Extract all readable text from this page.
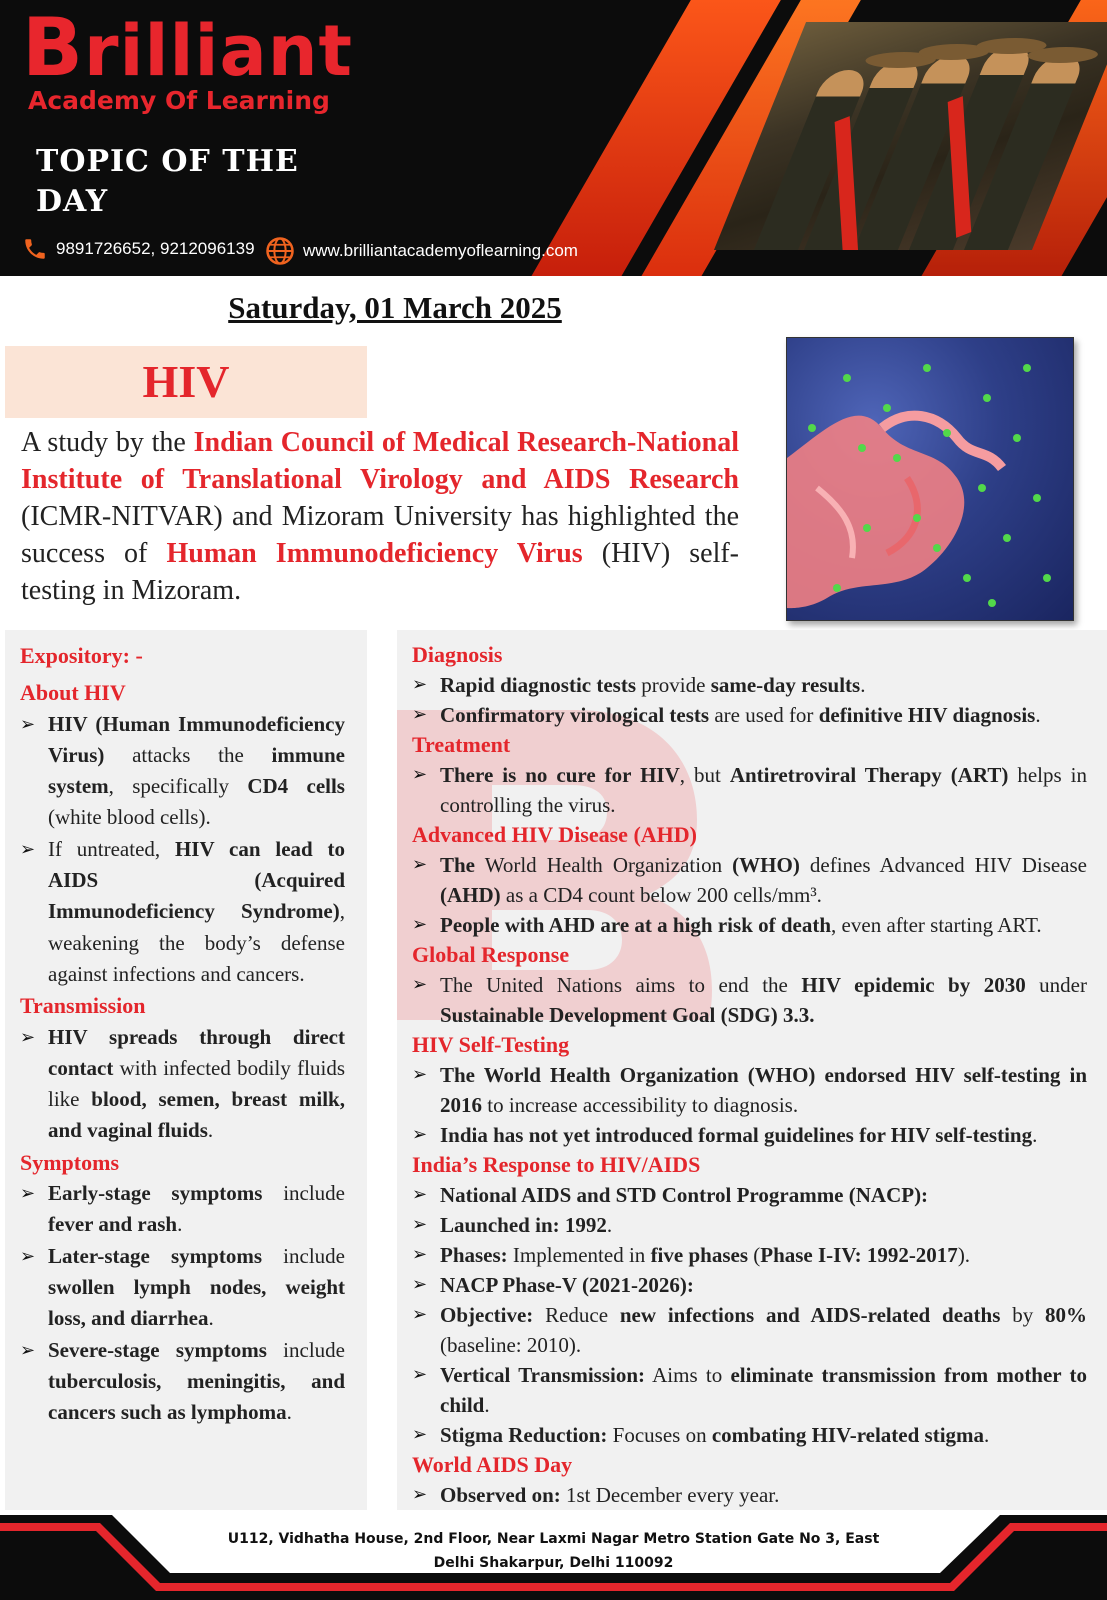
Brilliant
Academy Of Learning
TOPIC OF THE
DAY
9891726652, 9212096139	www.brilliantacademyoflearning.com
Saturday, 01 March 2025
HIV
A study by the Indian Council of Medical Research-National Institute of Translational Virology and AIDS Research (ICMR-NITVAR) and Mizoram University has highlighted the success of Human Immunodeficiency Virus (HIV) self-testing in Mizoram.
Expository: -
About HIV
➢ HIV (Human Immunodeficiency Virus) attacks the immune system, specifically CD4 cells (white blood cells).
➢ If untreated, HIV can lead to AIDS (Acquired Immunodeficiency Syndrome), weakening the body’s defense against infections and cancers.
Transmission
➢ HIV spreads through direct contact with infected bodily fluids like blood, semen, breast milk, and vaginal fluids.
Symptoms
➢ Early-stage symptoms include fever and rash.
➢ Later-stage symptoms include swollen lymph nodes, weight loss, and diarrhea.
➢ Severe-stage symptoms include tuberculosis, meningitis, and cancers such as lymphoma.
Diagnosis
➢ Rapid diagnostic tests provide same-day results.
➢ Confirmatory virological tests are used for definitive HIV diagnosis.
Treatment
➢ There is no cure for HIV, but Antiretroviral Therapy (ART) helps in controlling the virus.
Advanced HIV Disease (AHD)
➢ The World Health Organization (WHO) defines Advanced HIV Disease (AHD) as a CD4 count below 200 cells/mm³.
➢ People with AHD are at a high risk of death, even after starting ART.
Global Response
➢ The United Nations aims to end the HIV epidemic by 2030 under Sustainable Development Goal (SDG) 3.3.
HIV Self-Testing
➢ The World Health Organization (WHO) endorsed HIV self-testing in 2016 to increase accessibility to diagnosis.
➢ India has not yet introduced formal guidelines for HIV self-testing.
India’s Response to HIV/AIDS
➢ National AIDS and STD Control Programme (NACP):
➢ Launched in: 1992.
➢ Phases: Implemented in five phases (Phase I-IV: 1992-2017).
➢ NACP Phase-V (2021-2026):
➢ Objective: Reduce new infections and AIDS-related deaths by 80% (baseline: 2010).
➢ Vertical Transmission: Aims to eliminate transmission from mother to child.
➢ Stigma Reduction: Focuses on combating HIV-related stigma.
World AIDS Day
➢ Observed on: 1st December every year.
U112, Vidhatha House, 2nd Floor, Near Laxmi Nagar Metro Station Gate No 3, East
Delhi Shakarpur, Delhi 110092
